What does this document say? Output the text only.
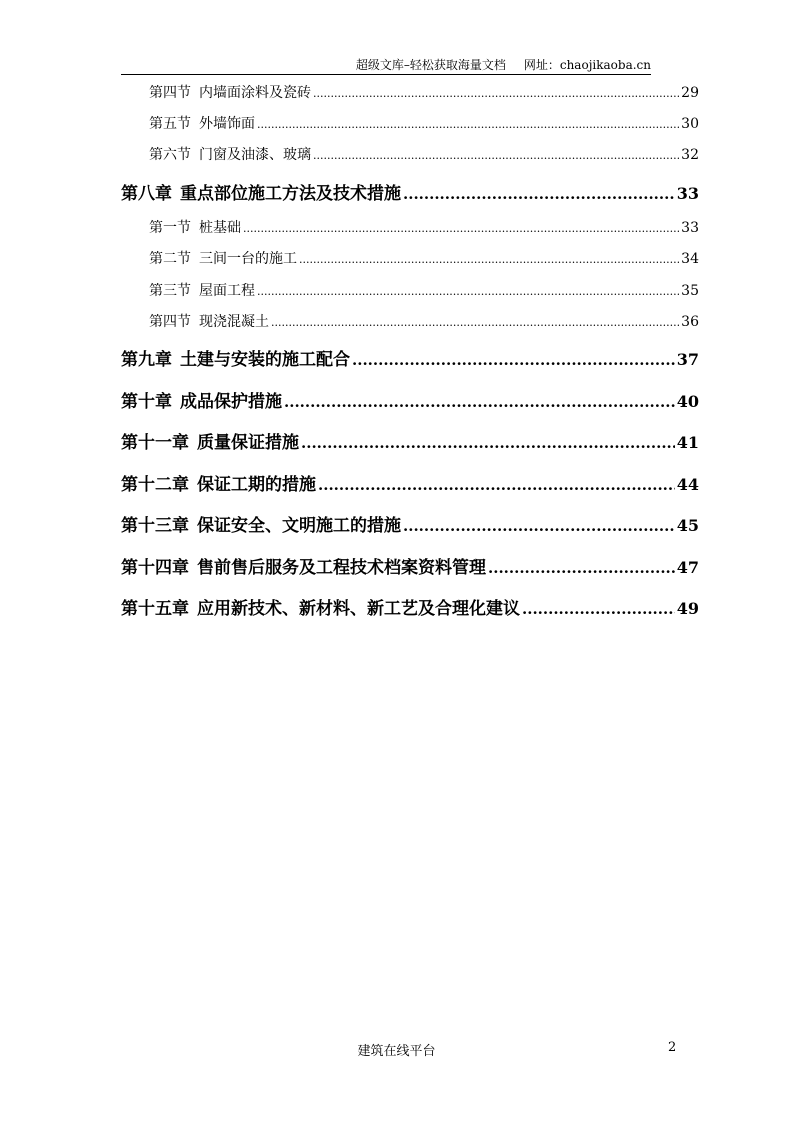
超级文库–轻松获取海量文档 网址：chaojikaoba.cn
第四节 内墙面涂料及瓷砖 .....	29
第五节 外墙饰面 .....	30
第六节 门窗及油漆、玻璃 .....	32
第八章 重点部位施工方法及技术措施 .....	33
第一节 桩基础 .....	33
第二节 三间一台的施工 .....	34
第三节 屋面工程 .....	35
第四节 现浇混凝土 .....	36
第九章 土建与安装的施工配合 .....	37
第十章 成品保护措施 .....	40
第十一章 质量保证措施 .....	41
第十二章 保证工期的措施 .....	44
第十三章 保证安全、文明施工的措施 .....	45
第十四章 售前售后服务及工程技术档案资料管理 .....	47
第十五章 应用新技术、新材料、新工艺及合理化建议 .....	49
建筑在线平台	2
